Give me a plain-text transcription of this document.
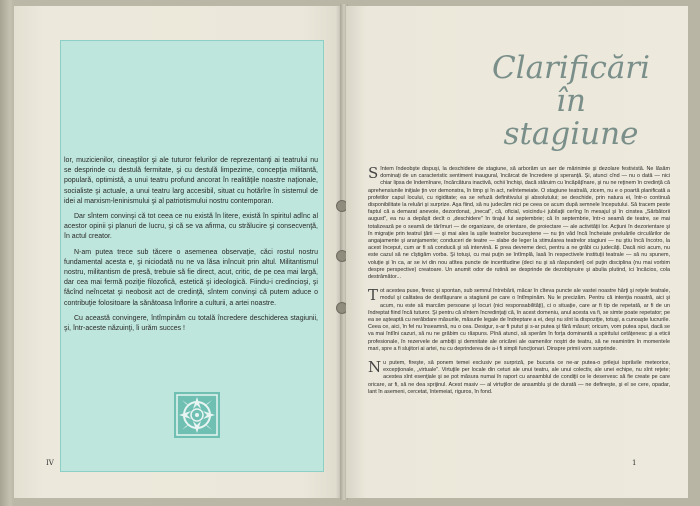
lor, muzicienilor, cineaştilor şi ale tuturor felurilor de reprezentanţi ai teatrului nu se desprinde cu destulă fermitate, şi cu destulă limpezime, concepţia militantă, populară, optimistă, a unui teatru profund ancorat în realităţile noastre naţionale, socialiste şi actuale, a unui teatru larg accesibil, situat cu hotărîre în sistemul de idei al marxism-leninismului şi al patriotismului nostru contemporan.

Dar sîntem convinşi că tot ceea ce nu există în litere, există în spiritul adînc al acestor opinii şi planuri de lucru, şi că se va afirma, cu strălucire şi consecvenţă, în actul creator.

N-am putea trece sub tăcere o asemenea observaţie, căci rostul nostru fundamental acesta e, şi niciodată nu ne va lăsa inîncuit prin altul. Militantismul nostru, militantism de presă, trebuie să fie direct, acut, critic, de pe cea mai largă, dar cea mai fermă poziţie filozofică, estetică şi ideologică. Fiindu-i credincioşi, şi făcînd neîncetat şi neobosit act de credinţă, sîntem convinşi că putem aduce o contribuţie folositoare la sănătoasa înflorire a culturii, a artei noastre.

Cu această convingere, întîmpinăm cu totală încredere deschiderea stagiunii, şi, într-aceste năzuinţi, îi urăm succes !

IV
Clarificări
în
stagiune

Sîntem îndeobşte dispuşi, la deschidere de stagiune, să arborăm un aer de mărinimie şi dezolare festivistă. Ne lăsăm dominaţi de un caracteristic sentiment inaugural, încărcat de încredere şi speranţă. Şi, atunci cînd — nu o dată — nici chiar lipsa de îndemînare, încărcătura inactivă, ochii închişi, dacă stăruim cu încăpăţînare, şi nu ne reţinem în credinţă că aprehensiunile iniţiale ţin vor demonstra, în timp şi în act, neîntemeiate. O stagiune teatrală, zicem, nu e o poartă planificată a profetilor capul locului, cu rigiditate; ea se refuză definitivului şi absolutului; se deschide, prin natura ei, într-o continuă disponibilitate la reluări şi surprize. Aşa fiind, să nu judecăm nici pe ceea ce acum după semnele începutului. Să tracem peste faptul că a demarat anevoie, dezordonat, „inecat", că, oficial, voicindu-i jubilaţii cerîng în mesajul şi în cinstea „Sărbătorii august", ea nu a depăşit decît o „deschidere" în tirajul lui septembrie; că în septembrie, într-o seamă de teatre, se mai totalizează pe o seamă de tărîmuri — de organizare, de orientare, de proiectare — ale activităţii lor. Acţiuni în dezorientare şi în migraţie prin teatrul ţării — şi mai ales la ușile teatrelor bucureştene — nu ţin văd încă încheiate preluările circulărilor de angajamente şi aranjamente; conduceri de teatre — slabe de leger la stimularea teatrelor stagiuni — nu ştiu încă încotro, la acest început, cum ar fi să conducă şi să intervină. E prea devreme deci, pentru a ne grăbi cu judecăţi. Dacă nici acum, nu este cazul să ne cîştigăm vorba. Şi totuşi, cu mai puţin se întîmplă, lasă în respectivele instituţii teatrale — să nu spunem, voluţie şi în ca, ar se ivi din nou atîtea puncte de incertitudine (deci nu şi să răspunderi) cel puţin disciplina (nu mai vorbim despre perspective) creatoare. Un anumit odor de rutină se desprinde de dezobişnuire şi abulia plutind, ici încăcios, cola destrămător...

Tot acestea puse, firesc şi spontan, sub semnul întrebării, măcar în cîteva puncte ale vastei noastre hărţi şi reţele teatrale, modul şi calitatea de desfăşurare a stagiunii pe care o întîmpinăm. Nu le precizăm. Pentru că intenţia noastră, aici şi acum, nu este să marcăm persoane şi locuri (nici responsabilităţi), ci o situaţie, care ar fi tip de repetată, ar fi de un îndreptat fiind încă tuturor. Şi pentru că sîntem încredinţaţi că, în acest domeniu, anul acesta va fi, se simte poate repetator; pe ea se aşteaptă cu nerăbdare măsurile, măsurile legale de îndreptare a ei, deşi nu sînt la dispoziţie, totuşi, a cunoaşte lucrurile. Ceea ce, aici, în fel nu înseamnă, nu o cea. Desigur, s-ar fi putut şi s-ar putea şi fără măsuri; oricum, vom putea spui, dacă se va mai întîlni cazuri, să nu ne grăbim cu răspuns. Pînă atunci, să sperăm în forţa dominantă a spiritului cetăţenesc şi a eticii profesionale, în rezervele de ambiţii şi demnitate ale oricărei ale oamenilor noştri de teatru, să ne reamintim în momentele mari, spre a fi slujitori ai artei, nu cu deprinderea de a-i fi simpli funcţionari. Dinspre primii vom surprinde.

Nu putem, fireşte, să ponem temei exclusiv pe surpriză, pe bucuria ce ne-ar putea-o prilejui isprăvile meteorice, excepţionale, „virtuale". Virtuţile per locale din ceturi ale unui teatru, ale unui colectiv, ale unei echipe, nu sînt reţete; acestea sînt esenţiale şi se pot măsura numai în raport cu ansamblul de condiţii ce le deservesc să fie create pe care oricare, ar fi, să ne dea sprijinul. Acest masiv — al virtuţilor de ansamblu şi de durată — ne defineşte, şi el se cere, opadar, lant în asemeni, cercetat, întemeiat, riguros, în fond.

1
